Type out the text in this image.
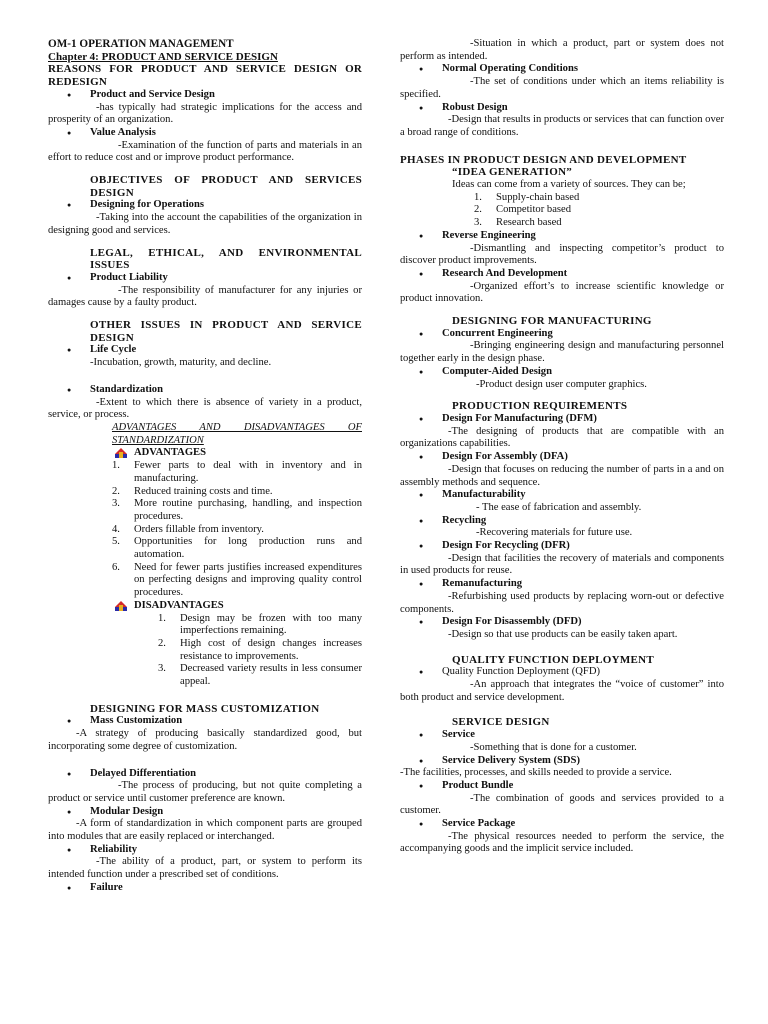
OM-1 OPERATION MANAGEMENT
Chapter 4: PRODUCT AND SERVICE DESIGN
REASONS FOR PRODUCT AND SERVICE DESIGN OR REDESIGN
● Product and Service Design
-has typically had strategic implications for the access and prosperity of an organization.
● Value Analysis
-Examination of the function of parts and materials in an effort to reduce cost and or improve product performance.
OBJECTIVES OF PRODUCT AND SERVICES DESIGN
● Designing for Operations
-Taking into the account the capabilities of the organization in designing good and services.
LEGAL, ETHICAL, AND ENVIRONMENTAL ISSUES
● Product Liability
-The responsibility of manufacturer for any injuries or damages cause by a faulty product.
OTHER ISSUES IN PRODUCT AND SERVICE DESIGN
● Life Cycle
-Incubation, growth, maturity, and decline.
● Standardization
-Extent to which there is absence of variety in a product, service, or process.
ADVANTAGES AND DISADVANTAGES OF STANDARDIZATION
ADVANTAGES
1. Fewer parts to deal with in inventory and in manufacturing.
2. Reduced training costs and time.
3. More routine purchasing, handling, and inspection procedures.
4. Orders fillable from inventory.
5. Opportunities for long production runs and automation.
6. Need for fewer parts justifies increased expenditures on perfecting designs and improving quality control procedures.
DISADVANTAGES
1. Design may be frozen with too many imperfections remaining.
2. High cost of design changes increases resistance to improvements.
3. Decreased variety results in less consumer appeal.
DESIGNING FOR MASS CUSTOMIZATION
● Mass Customization
-A strategy of producing basically standardized good, but incorporating some degree of customization.
● Delayed Differentiation
-The process of producing, but not quite completing a product or service until customer preference are known.
● Modular Design
-A form of standardization in which component parts are grouped into modules that are easily replaced or interchanged.
● Reliability
-The ability of a product, part, or system to perform its intended function under a prescribed set of conditions.
● Failure
-Situation in which a product, part or system does not perform as intended.
● Normal Operating Conditions
-The set of conditions under which an items reliability is specified.
● Robust Design
-Design that results in products or services that can function over a broad range of conditions.
PHASES IN PRODUCT DESIGN AND DEVELOPMENT
“IDEA GENERATION”
Ideas can come from a variety of sources. They can be;
1. Supply-chain based
2. Competitor based
3. Research based
● Reverse Engineering
-Dismantling and inspecting competitor’s product to discover product improvements.
● Research And Development
-Organized effort’s to increase scientific knowledge or product innovation.
DESIGNING FOR MANUFACTURING
● Concurrent Engineering
-Bringing engineering design and manufacturing personnel together early in the design phase.
● Computer-Aided Design
-Product design user computer graphics.
PRODUCTION REQUIREMENTS
● Design For Manufacturing (DFM)
-The designing of products that are compatible with an organizations capabilities.
● Design For Assembly (DFA)
-Design that focuses on reducing the number of parts in a and on assembly methods and sequence.
● Manufacturability
- The ease of fabrication and assembly.
● Recycling
-Recovering materials for future use.
● Design For Recycling (DFR)
-Design that facilities the recovery of materials and components in used products for reuse.
● Remanufacturing
-Refurbishing used products by replacing worn-out or defective components.
● Design For Disassembly (DFD)
-Design so that use products can be easily taken apart.
QUALITY FUNCTION DEPLOYMENT
● Quality Function Deployment (QFD)
-An approach that integrates the “voice of customer” into both product and service development.
SERVICE DESIGN
● Service
-Something that is done for a customer.
● Service Delivery System (SDS)
-The facilities, processes, and skills needed to provide a service.
● Product Bundle
-The combination of goods and services provided to a customer.
● Service Package
-The physical resources needed to perform the service, the accompanying goods and the implicit service included.
